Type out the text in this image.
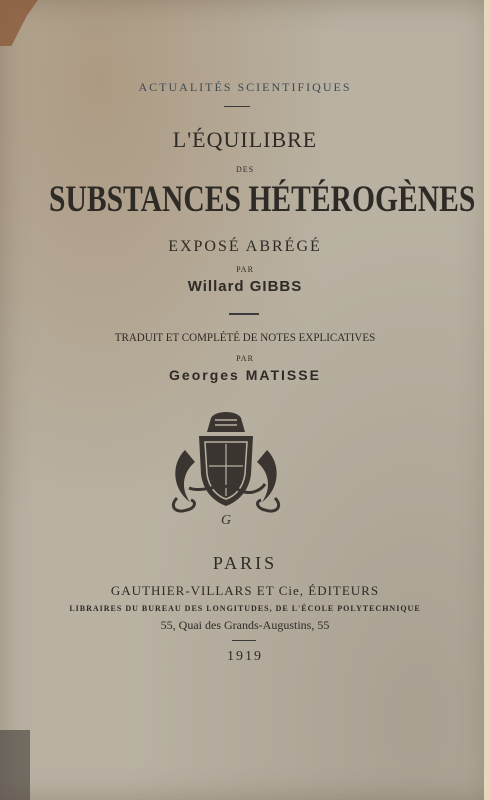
ACTUALITÉS SCIENTIFIQUES
L'ÉQUILIBRE
DES
SUBSTANCES HÉTÉROGÈNES
EXPOSÉ ABRÉGÉ
PAR
Willard GIBBS
TRADUIT ET COMPLÉTÉ DE NOTES EXPLICATIVES
PAR
Georges MATISSE
G
PARIS
GAUTHIER-VILLARS ET Cie, ÉDITEURS
LIBRAIRES DU BUREAU DES LONGITUDES, DE L'ÉCOLE POLYTECHNIQUE
55, Quai des Grands-Augustins, 55
1919
